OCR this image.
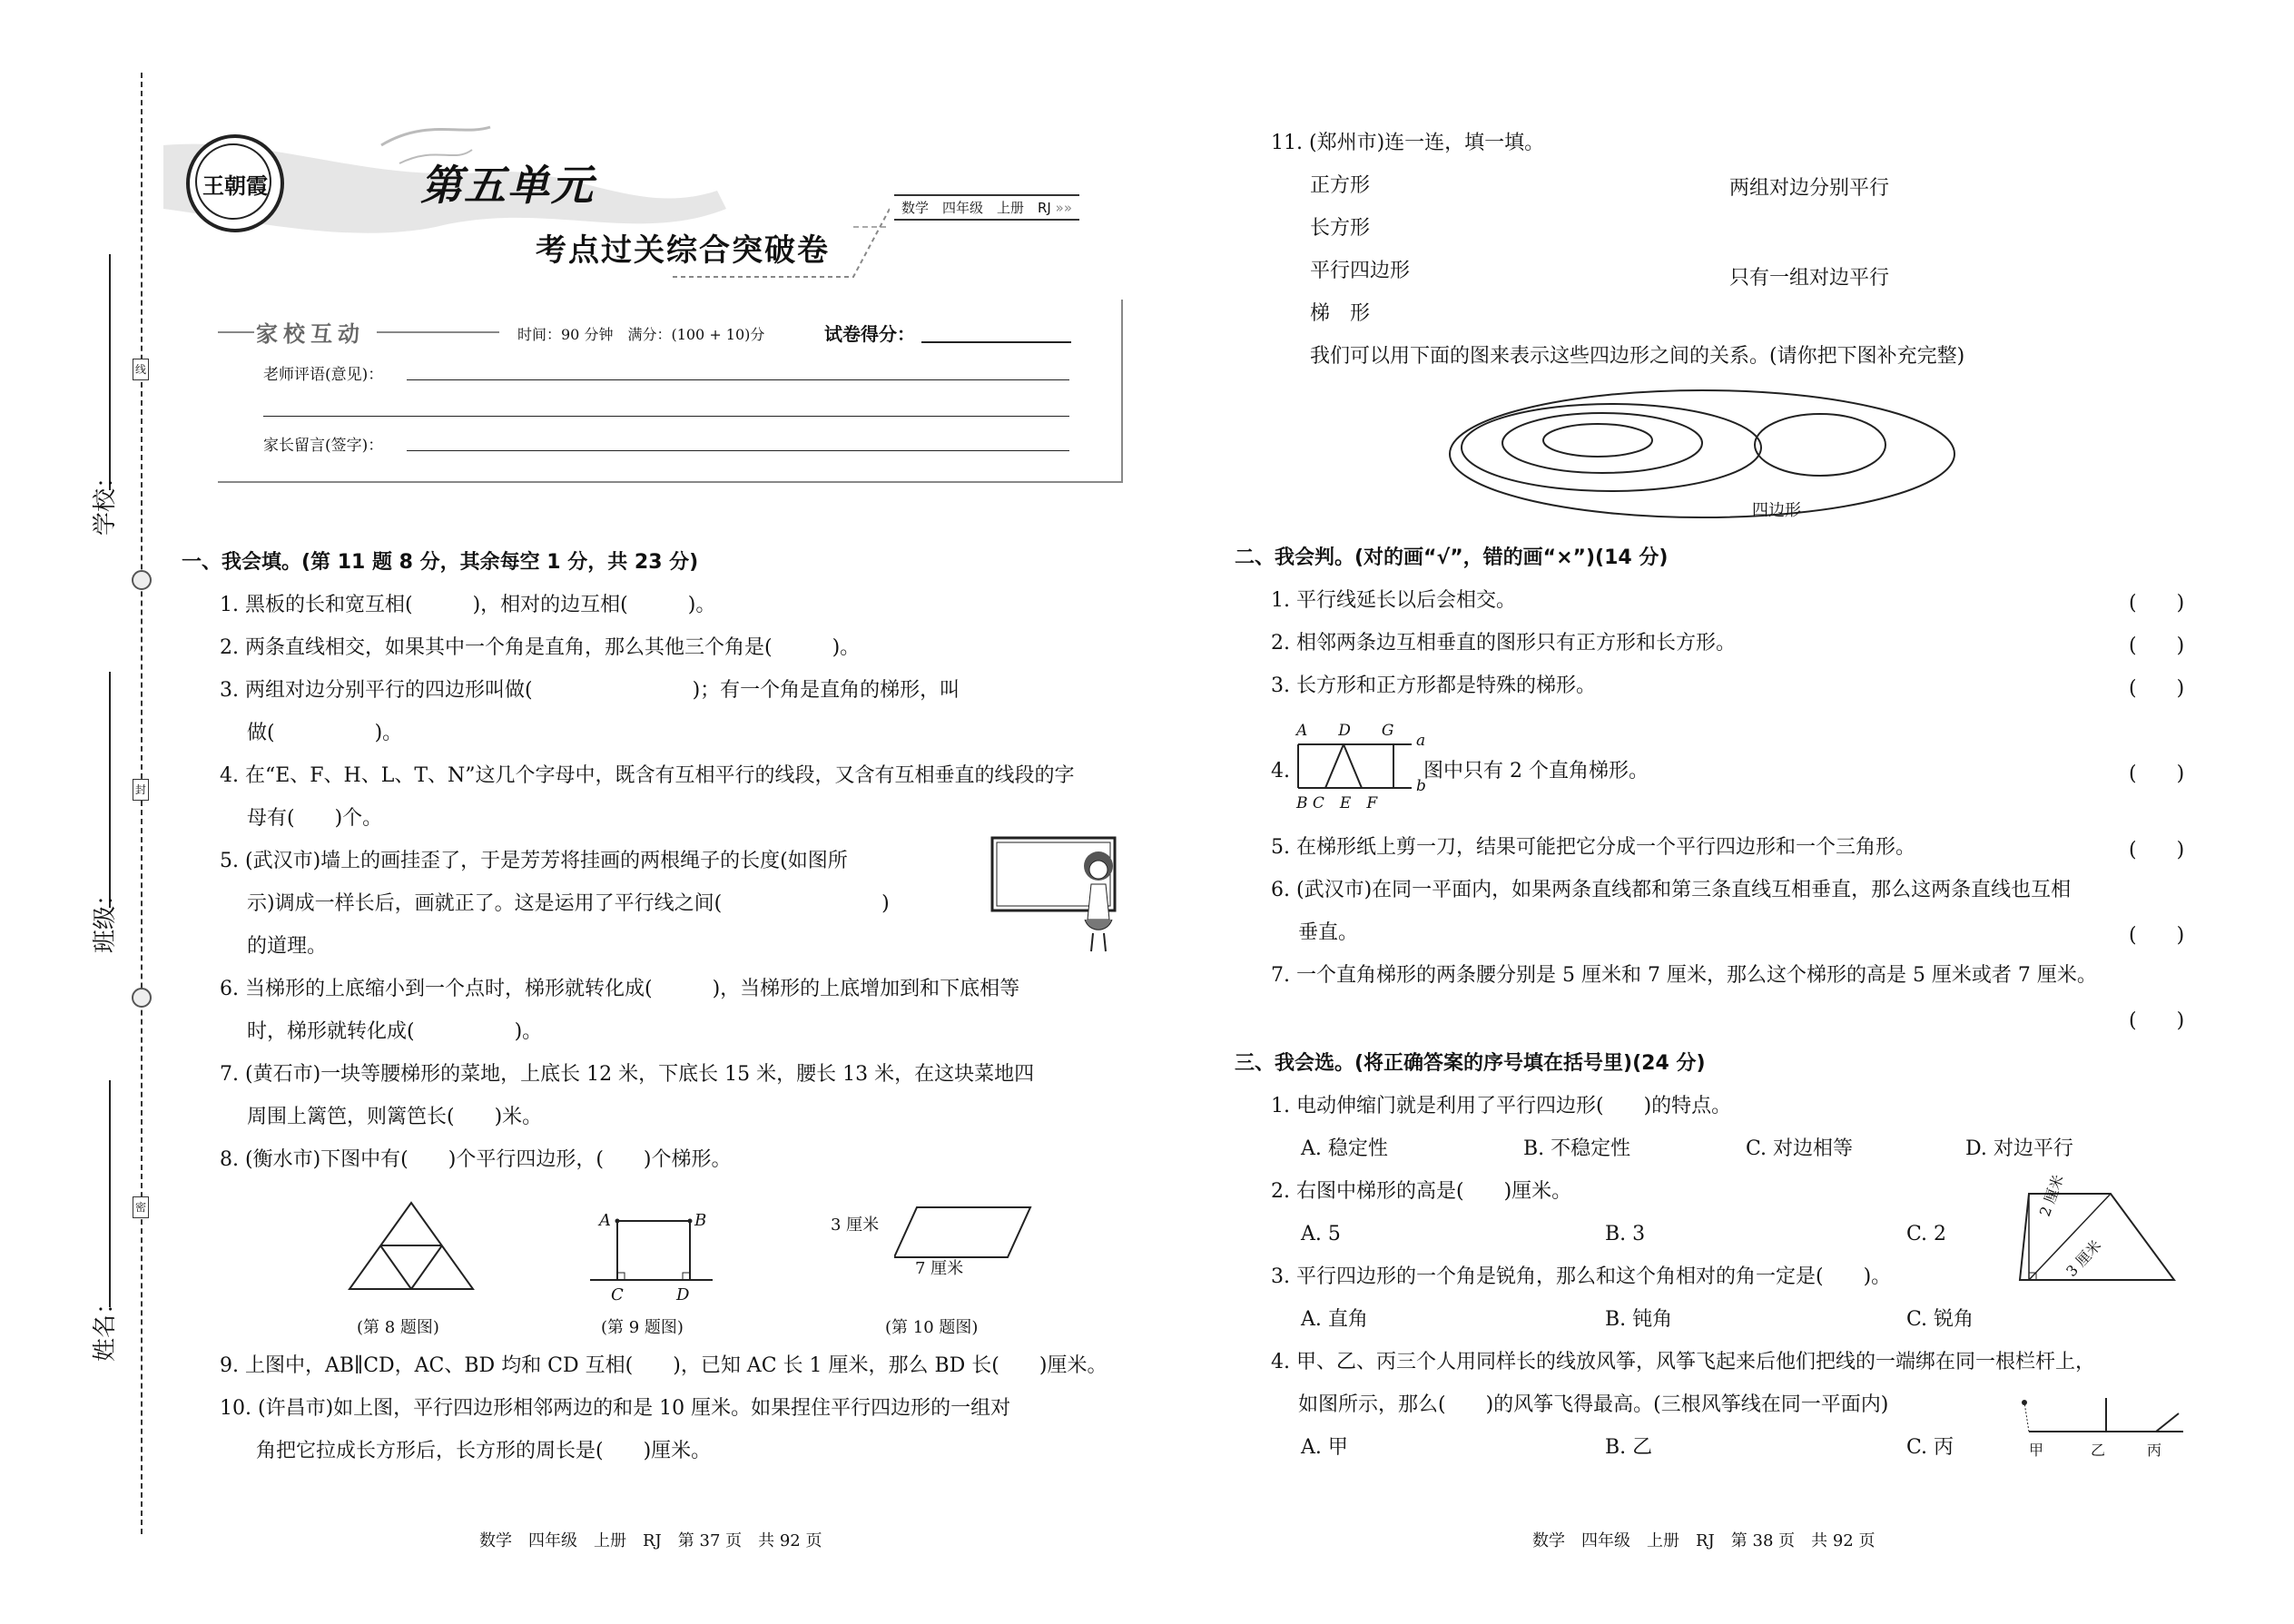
学校：
班级：
姓名：
线
封
密
王朝霞	第五单元
考点过关综合突破卷
数学　四年级　上册　RJ »»
家校互动	时间：90 分钟　满分：(100 + 10)分	试卷得分：
老师评语(意见)：
家长留言(签字)：
一、我会填。(第 11 题 8 分，其余每空 1 分，共 23 分)
1. 黑板的长和宽互相(　　　)，相对的边互相(　　　)。
2. 两条直线相交，如果其中一个角是直角，那么其他三个角是(　　　)。
3. 两组对边分别平行的四边形叫做(　　　　　　　　)；有一个角是直角的梯形，叫
做(　　　　　)。
4. 在“E、F、H、L、T、N”这几个字母中，既含有互相平行的线段，又含有互相垂直的线段的字
母有(　　)个。
5. (武汉市)墙上的画挂歪了，于是芳芳将挂画的两根绳子的长度(如图所
示)调成一样长后，画就正了。这是运用了平行线之间(　　　　　　　　)
的道理。
6. 当梯形的上底缩小到一个点时，梯形就转化成(　　　)，当梯形的上底增加到和下底相等
时，梯形就转化成(　　　　　)。
7. (黄石市)一块等腰梯形的菜地，上底长 12 米，下底长 15 米，腰长 13 米，在这块菜地四
周围上篱笆，则篱笆长(　　)米。
8. (衡水市)下图中有(　　)个平行四边形，(　　)个梯形。
(第 8 题图)
A	B
C	D
(第 9 题图)
3 厘米
7 厘米
(第 10 题图)
9. 上图中，AB∥CD，AC、BD 均和 CD 互相(　　)，已知 AC 长 1 厘米，那么 BD 长(　　)厘米。
10. (许昌市)如上图，平行四边形相邻两边的和是 10 厘米。如果捏住平行四边形的一组对
角把它拉成长方形后，长方形的周长是(　　)厘米。
数学　四年级　上册　RJ　第 37 页　共 92 页
11. (郑州市)连一连，填一填。
正方形
长方形
平行四边形
梯　形
两组对边分别平行
只有一组对边平行
我们可以用下面的图来表示这些四边形之间的关系。(请你把下图补充完整)
四边形
二、我会判。(对的画“√”，错的画“×”)(14 分)
1. 平行线延长以后会相交。	(　　)
2. 相邻两条边互相垂直的图形只有正方形和长方形。	(　　)
3. 长方形和正方形都是特殊的梯形。	(　　)
4.
A　　D　　G
B C　E　F
a
b
图中只有 2 个直角梯形。	(　　)
5. 在梯形纸上剪一刀，结果可能把它分成一个平行四边形和一个三角形。	(　　)
6. (武汉市)在同一平面内，如果两条直线都和第三条直线互相垂直，那么这两条直线也互相
垂直。	(　　)
7. 一个直角梯形的两条腰分别是 5 厘米和 7 厘米，那么这个梯形的高是 5 厘米或者 7 厘米。
(　　)
三、我会选。(将正确答案的序号填在括号里)(24 分)
1. 电动伸缩门就是利用了平行四边形(　　)的特点。
A. 稳定性	B. 不稳定性	C. 对边相等	D. 对边平行
2. 右图中梯形的高是(　　)厘米。
A. 5	B. 3	C. 2
2 厘米
3 厘米
3. 平行四边形的一个角是锐角，那么和这个角相对的角一定是(　　)。
A. 直角	B. 钝角	C. 锐角
4. 甲、乙、丙三个人用同样长的线放风筝，风筝飞起来后他们把线的一端绑在同一根栏杆上，
如图所示，那么(　　)的风筝飞得最高。(三根风筝线在同一平面内)
A. 甲	B. 乙	C. 丙	甲	乙	丙
数学　四年级　上册　RJ　第 38 页　共 92 页
